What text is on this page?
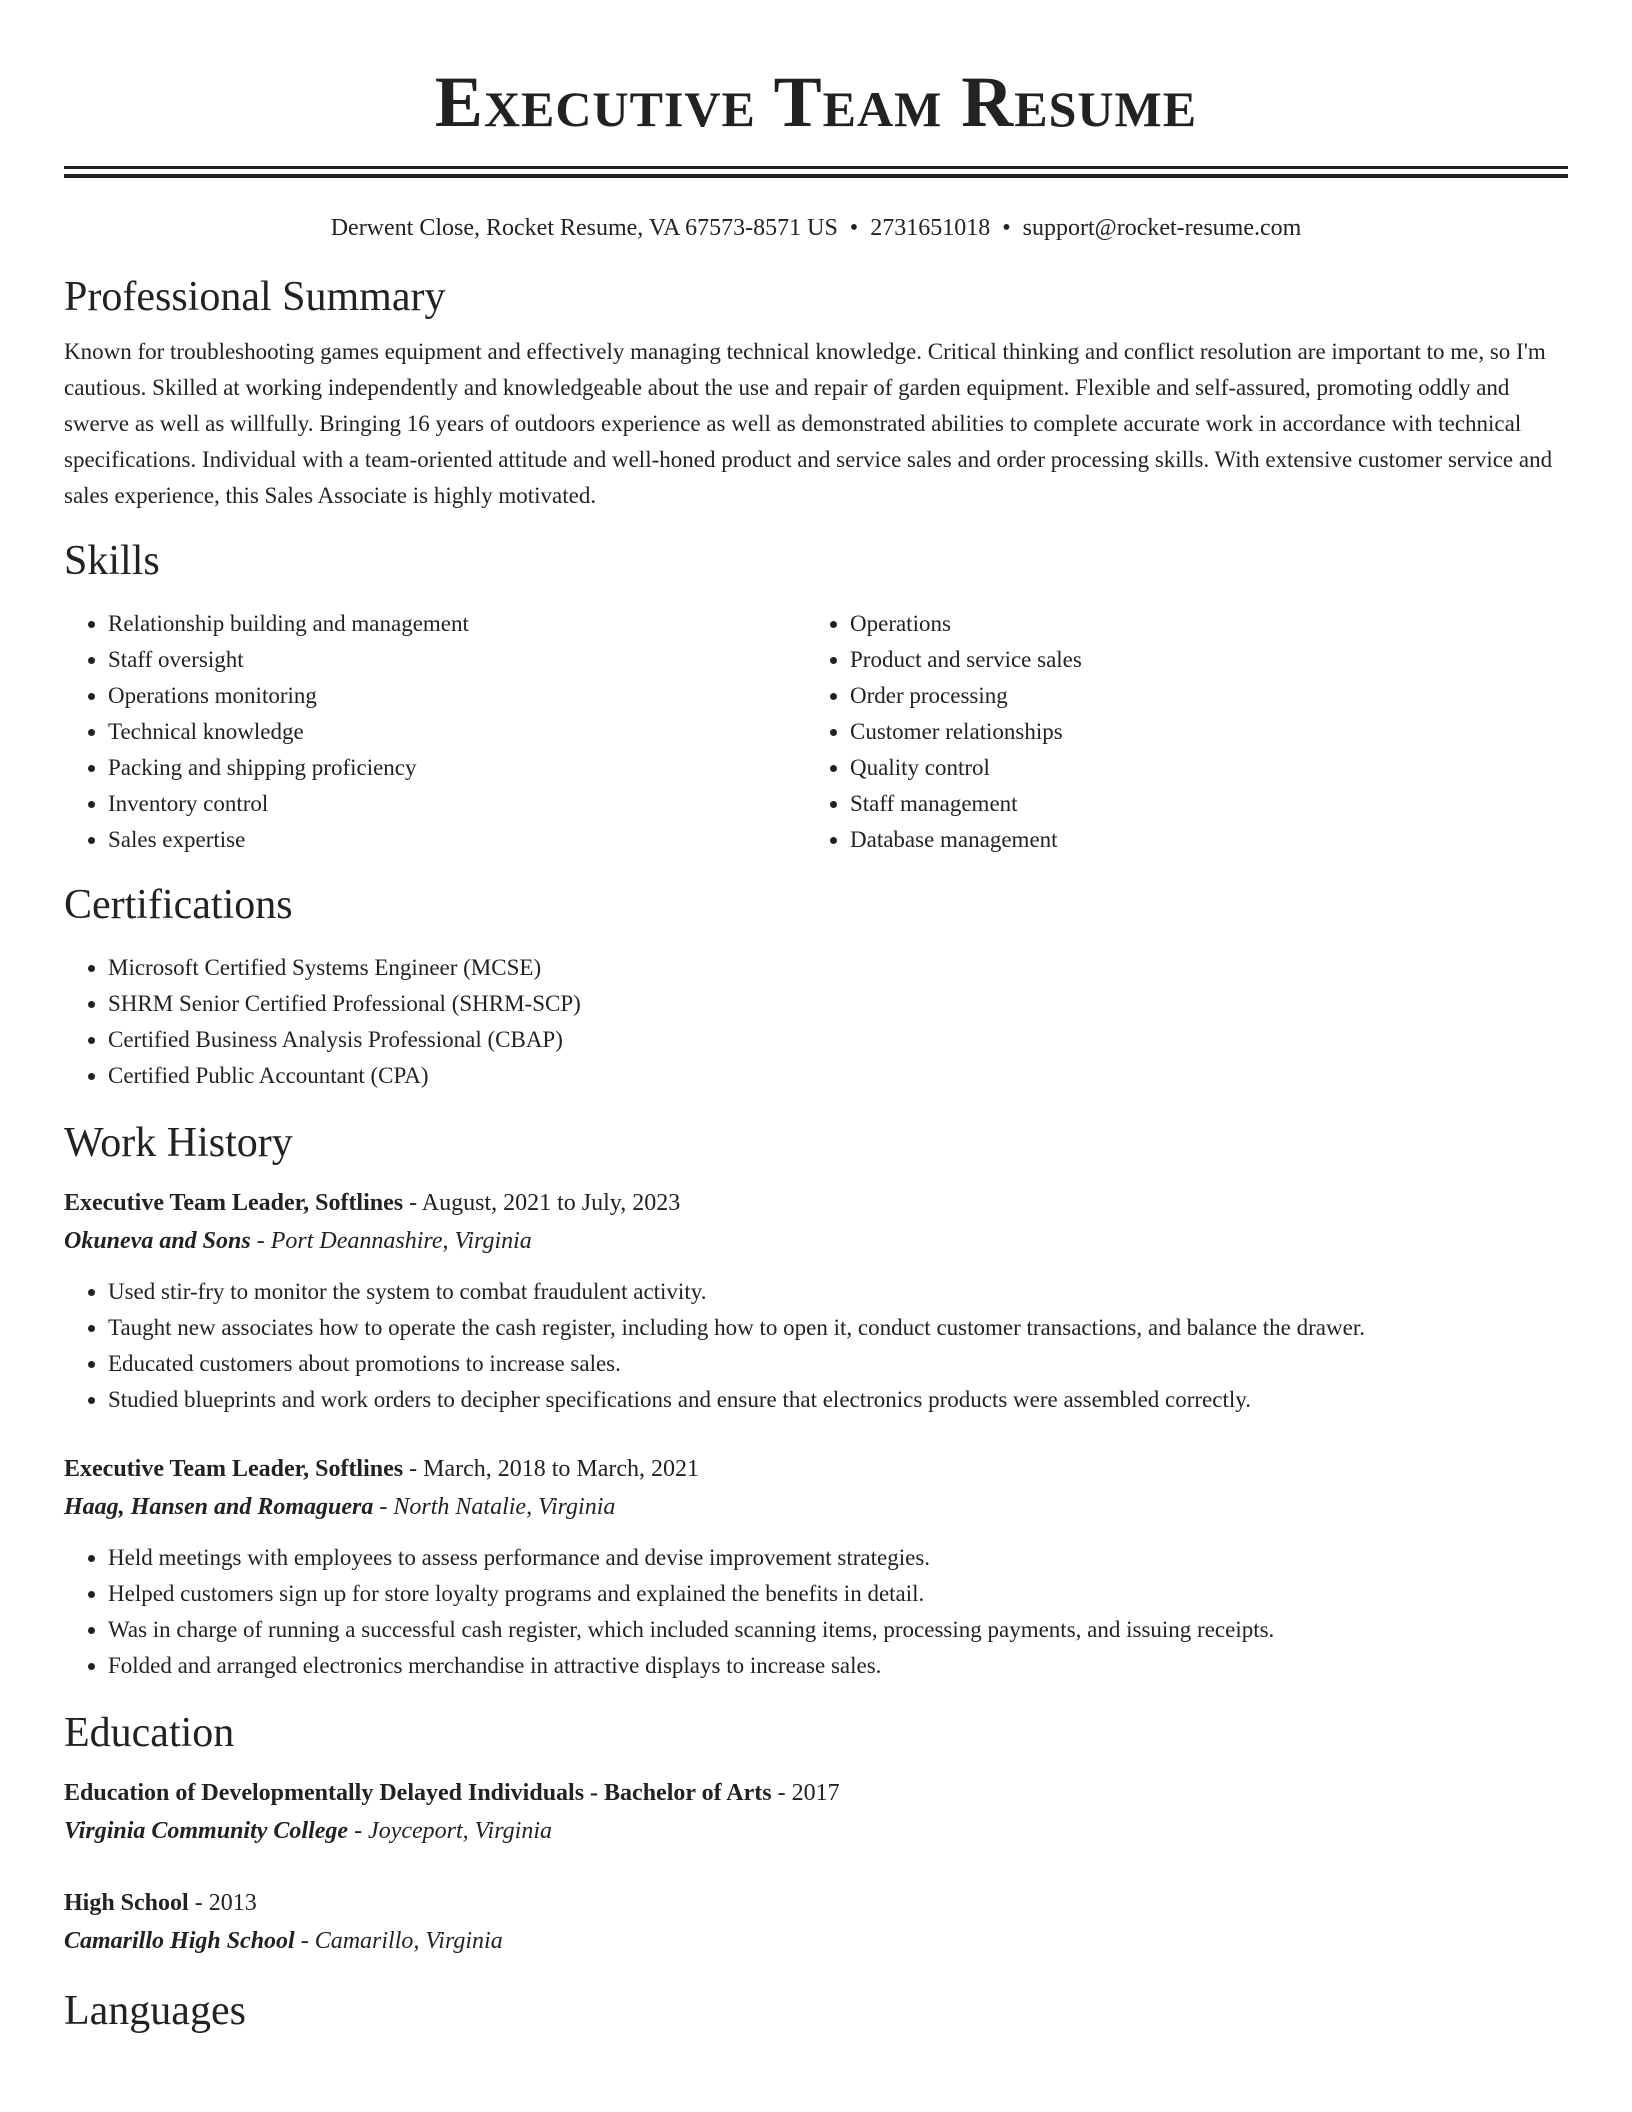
Executive Team Resume
Derwent Close, Rocket Resume, VA 67573-8571 US • 2731651018 • support@rocket-resume.com
Professional Summary

Known for troubleshooting games equipment and effectively managing technical knowledge. Critical thinking and conflict resolution are important to me, so I'm cautious. Skilled at working independently and knowledgeable about the use and repair of garden equipment. Flexible and self-assured, promoting oddly and swerve as well as willfully. Bringing 16 years of outdoors experience as well as demonstrated abilities to complete accurate work in accordance with technical specifications. Individual with a team-oriented attitude and well-honed product and service sales and order processing skills. With extensive customer service and sales experience, this Sales Associate is highly motivated.

Skills
• Relationship building and management
• Staff oversight
• Operations monitoring
• Technical knowledge
• Packing and shipping proficiency
• Inventory control
• Sales expertise
• Operations
• Product and service sales
• Order processing
• Customer relationships
• Quality control
• Staff management
• Database management
Certifications
• Microsoft Certified Systems Engineer (MCSE)
• SHRM Senior Certified Professional (SHRM-SCP)
• Certified Business Analysis Professional (CBAP)
• Certified Public Accountant (CPA)
Work History
Executive Team Leader, Softlines - August, 2021 to July, 2023
Okuneva and Sons - Port Deannashire, Virginia
• Used stir-fry to monitor the system to combat fraudulent activity.
• Taught new associates how to operate the cash register, including how to open it, conduct customer transactions, and balance the drawer.
• Educated customers about promotions to increase sales.
• Studied blueprints and work orders to decipher specifications and ensure that electronics products were assembled correctly.
Executive Team Leader, Softlines - March, 2018 to March, 2021
Haag, Hansen and Romaguera - North Natalie, Virginia
• Held meetings with employees to assess performance and devise improvement strategies.
• Helped customers sign up for store loyalty programs and explained the benefits in detail.
• Was in charge of running a successful cash register, which included scanning items, processing payments, and issuing receipts.
• Folded and arranged electronics merchandise in attractive displays to increase sales.
Education
Education of Developmentally Delayed Individuals - Bachelor of Arts - 2017
Virginia Community College - Joyceport, Virginia
High School - 2013
Camarillo High School - Camarillo, Virginia
Languages
